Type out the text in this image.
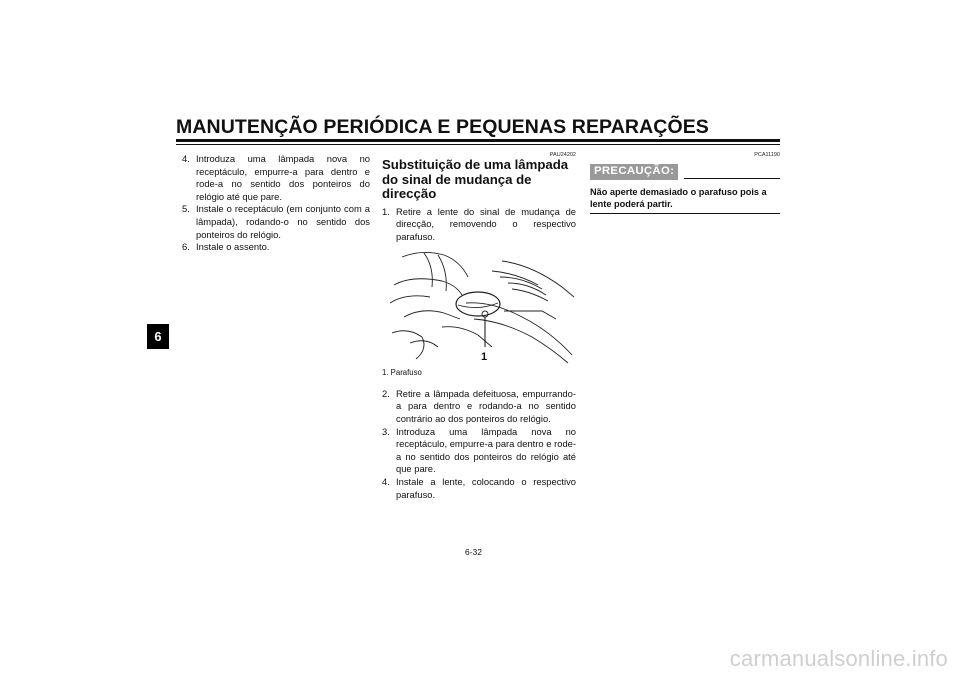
MANUTENÇÃO PERIÓDICA E PEQUENAS REPARAÇÕES
6
4. Introduza uma lâmpada nova no receptáculo, empurre-a para dentro e rode-a no sentido dos ponteiros do relógio até que pare.
5. Instale o receptáculo (em conjunto com a lâmpada), rodando-o no sentido dos ponteiros do relógio.
6. Instale o assento.
PAU24202
Substituição de uma lâmpada do sinal de mudança de direcção
1. Retire a lente do sinal de mudança de direcção, removendo o respectivo parafuso.
1
1. Parafuso
2. Retire a lâmpada defeituosa, empurrando-a para dentro e rodando-a no sentido contrário ao dos ponteiros do relógio.
3. Introduza uma lâmpada nova no receptáculo, empurre-a para dentro e rode-a no sentido dos ponteiros do relógio até que pare.
4. Instale a lente, colocando o respectivo parafuso.
PCA11190
PRECAUÇÃO:
Não aperte demasiado o parafuso pois a lente poderá partir.
6-32
carmanualsonline.info
